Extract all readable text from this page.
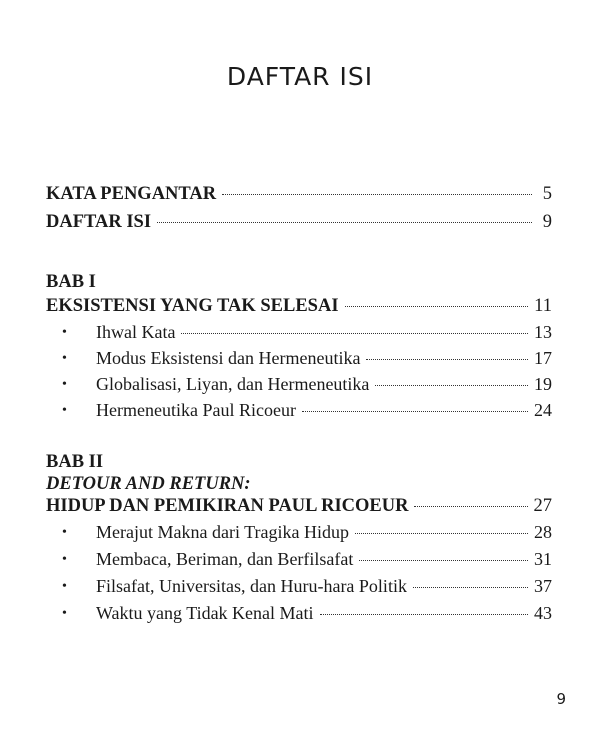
DAFTAR ISI
KATA PENGANTAR	5
DAFTAR ISI	9
BAB I
EKSISTENSI YANG TAK SELESAI	11
•	Ihwal Kata	13
•	Modus Eksistensi dan Hermeneutika	17
•	Globalisasi, Liyan, dan Hermeneutika	19
•	Hermeneutika Paul Ricoeur	24
BAB II
DETOUR AND RETURN:
HIDUP DAN PEMIKIRAN PAUL RICOEUR	27
•	Merajut Makna dari Tragika Hidup	28
•	Membaca, Beriman, dan Berfilsafat	31
•	Filsafat, Universitas, dan Huru-hara Politik	37
•	Waktu yang Tidak Kenal Mati	43
9
